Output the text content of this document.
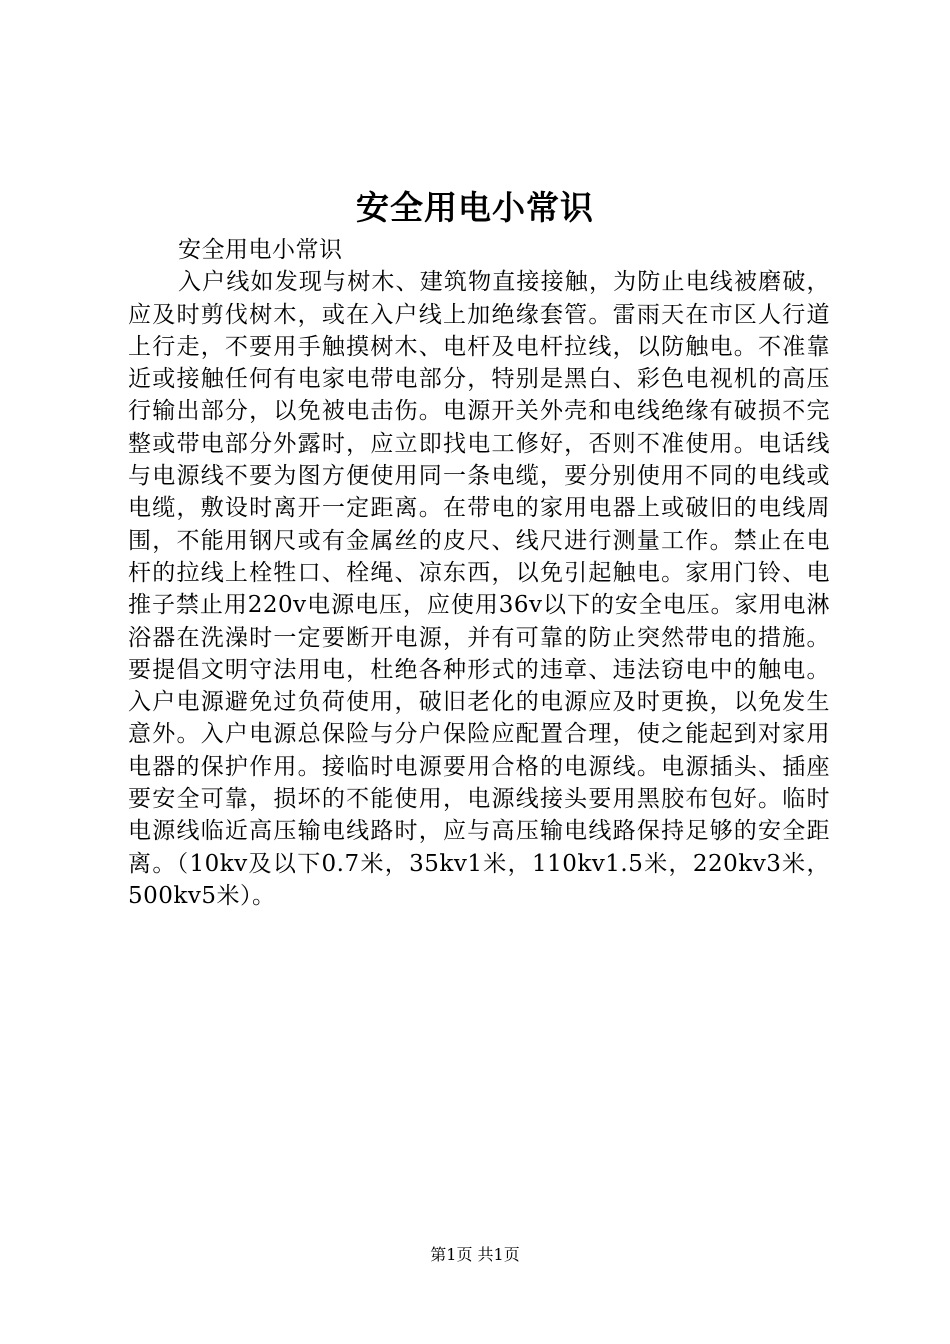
安全用电小常识

安全用电小常识

入户线如发现与树木、建筑物直接接触，为防止电线被磨破，应及时剪伐树木，或在入户线上加绝缘套管。雷雨天在市区人行道上行走，不要用手触摸树木、电杆及电杆拉线，以防触电。不准靠近或接触任何有电家电带电部分，特别是黑白、彩色电视机的高压行输出部分，以免被电击伤。电源开关外壳和电线绝缘有破损不完整或带电部分外露时，应立即找电工修好，否则不准使用。电话线与电源线不要为图方便使用同一条电缆，要分别使用不同的电线或电缆，敷设时离开一定距离。在带电的家用电器上或破旧的电线周围，不能用钢尺或有金属丝的皮尺、线尺进行测量工作。禁止在电杆的拉线上栓牲口、栓绳、凉东西，以免引起触电。家用门铃、电推子禁止用220v电源电压，应使用36v以下的安全电压。家用电淋浴器在洗澡时一定要断开电源，并有可靠的防止突然带电的措施。要提倡文明守法用电，杜绝各种形式的违章、违法窃电中的触电。入户电源避免过负荷使用，破旧老化的电源应及时更换，以免发生意外。入户电源总保险与分户保险应配置合理，使之能起到对家用电器的保护作用。接临时电源要用合格的电源线。电源插头、插座要安全可靠，损坏的不能使用，电源线接头要用黑胶布包好。临时电源线临近高压输电线路时，应与高压输电线路保持足够的安全距离。（10kv及以下0.7米，35kv1米，110kv1.5米，220kv3米，500kv5米）。

第1页 共1页
